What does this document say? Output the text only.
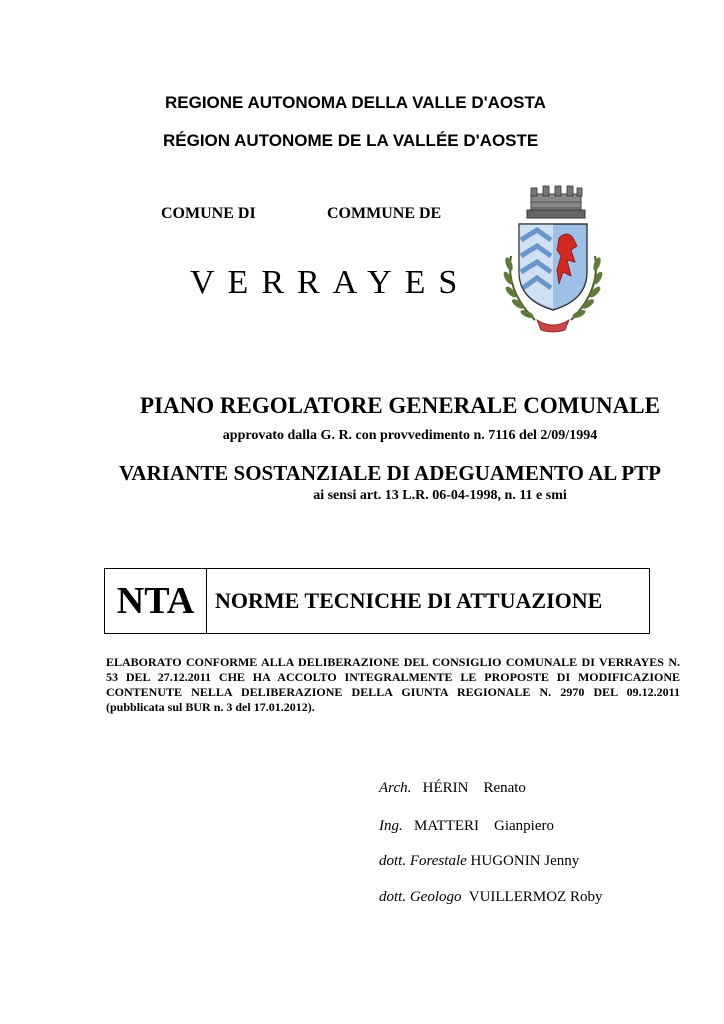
REGIONE AUTONOMA DELLA VALLE D'AOSTA
RÉGION AUTONOME DE LA VALLÉE D'AOSTE
COMUNE DI	COMMUNE DE
VERRAYES
PIANO REGOLATORE GENERALE COMUNALE
approvato dalla G. R. con provvedimento n. 7116 del 2/09/1994
VARIANTE SOSTANZIALE DI ADEGUAMENTO AL PTP
ai sensi art. 13 L.R. 06-04-1998, n. 11 e smi
NTA NORME TECNICHE DI ATTUAZIONE
ELABORATO CONFORME ALLA DELIBERAZIONE DEL CONSIGLIO COMUNALE DI VERRAYES N. 53 DEL 27.12.2011 CHE HA ACCOLTO INTEGRALMENTE LE PROPOSTE DI MODIFICAZIONE CONTENUTE NELLA DELIBERAZIONE DELLA GIUNTA REGIONALE N. 2970 DEL 09.12.2011 (pubblicata sul BUR n. 3 del 17.01.2012).
Arch. HÉRIN Renato
Ing. MATTERI Gianpiero
dott. Forestale HUGONIN Jenny
dott. Geologo VUILLERMOZ Roby
